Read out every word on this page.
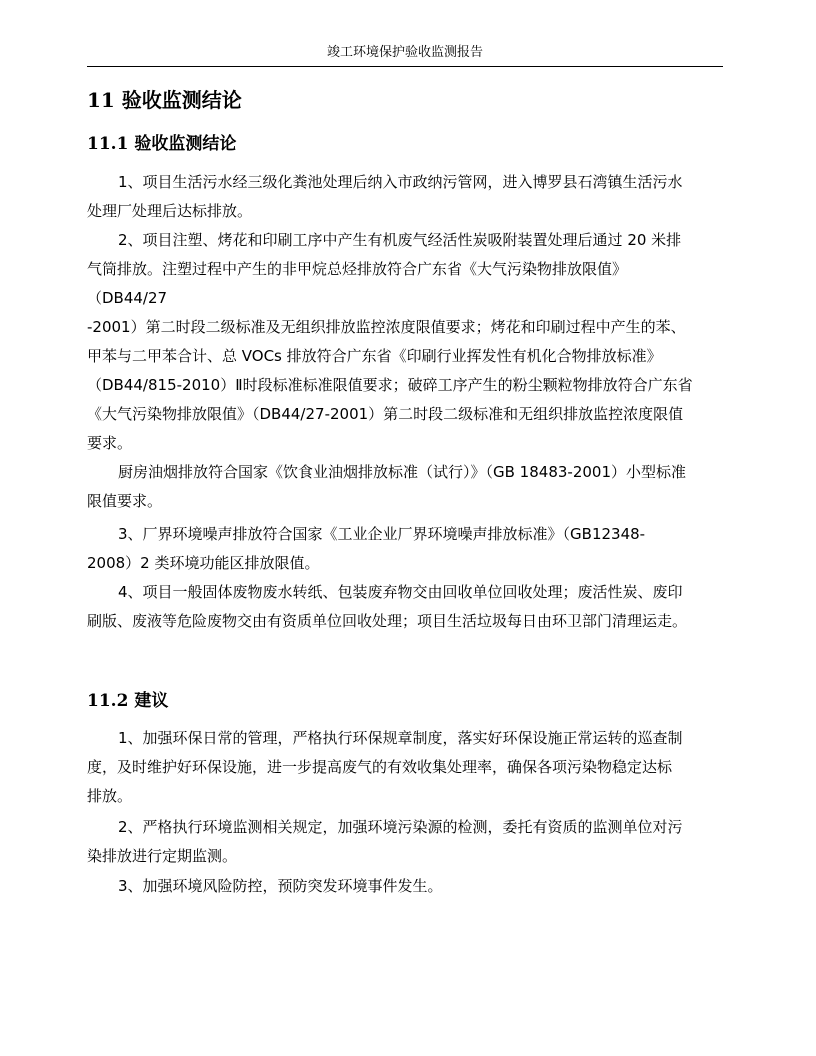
竣工环境保护验收监测报告
11 验收监测结论
11.1 验收监测结论
1、项目生活污水经三级化粪池处理后纳入市政纳污管网，进入博罗县石湾镇生活污水
处理厂处理后达标排放。
2、项目注塑、烤花和印刷工序中产生有机废气经活性炭吸附装置处理后通过 20 米排
气筒排放。注塑过程中产生的非甲烷总烃排放符合广东省《大气污染物排放限值》
（DB44/27
-2001）第二时段二级标准及无组织排放监控浓度限值要求；烤花和印刷过程中产生的苯、
甲苯与二甲苯合计、总 VOCs 排放符合广东省《印刷行业挥发性有机化合物排放标准》
（DB44/815-2010）Ⅱ时段标准标准限值要求；破碎工序产生的粉尘颗粒物排放符合广东省
《大气污染物排放限值》（DB44/27-2001）第二时段二级标准和无组织排放监控浓度限值
要求。
厨房油烟排放符合国家《饮食业油烟排放标准（试行）》（GB 18483-2001）小型标准
限值要求。
3、厂界环境噪声排放符合国家《工业企业厂界环境噪声排放标准》（GB12348-
2008）2 类环境功能区排放限值。
4、项目一般固体废物废水转纸、包装废弃物交由回收单位回收处理；废活性炭、废印
刷版、废液等危险废物交由有资质单位回收处理；项目生活垃圾每日由环卫部门清理运走。
11.2 建议
1、加强环保日常的管理，严格执行环保规章制度，落实好环保设施正常运转的巡查制
度，及时维护好环保设施，进一步提高废气的有效收集处理率，确保各项污染物稳定达标
排放。
2、严格执行环境监测相关规定，加强环境污染源的检测，委托有资质的监测单位对污
染排放进行定期监测。
3、加强环境风险防控，预防突发环境事件发生。
